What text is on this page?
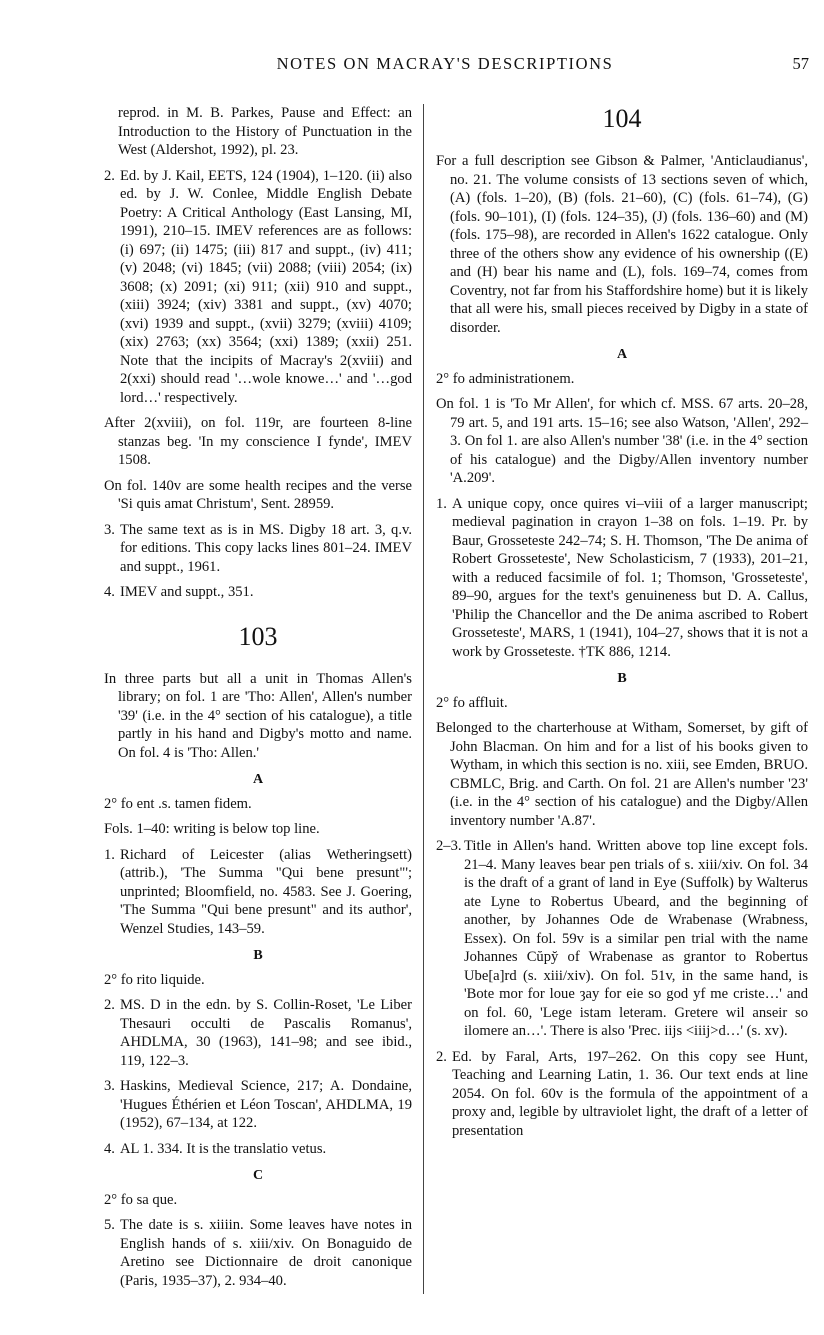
NOTES ON MACRAY'S DESCRIPTIONS	57

reprod. in M. B. Parkes, Pause and Effect: an Introduction to the History of Punctuation in the West (Aldershot, 1992), pl. 23.

2. Ed. by J. Kail, EETS, 124 (1904), 1–120. (ii) also ed. by J. W. Conlee, Middle English Debate Poetry: A Critical Anthology (East Lansing, MI, 1991), 210–15. IMEV references are as follows: (i) 697; (ii) 1475; (iii) 817 and suppt., (iv) 411; (v) 2048; (vi) 1845; (vii) 2088; (viii) 2054; (ix) 3608; (x) 2091; (xi) 911; (xii) 910 and suppt., (xiii) 3924; (xiv) 3381 and suppt., (xv) 4070; (xvi) 1939 and suppt., (xvii) 3279; (xviii) 4109; (xix) 2763; (xx) 3564; (xxi) 1389; (xxii) 251. Note that the incipits of Macray's 2(xviii) and 2(xxi) should read '…wole knowe…' and '…god lord…' respectively.

After 2(xviii), on fol. 119r, are fourteen 8-line stanzas beg. 'In my conscience I fynde', IMEV 1508.

On fol. 140v are some health recipes and the verse 'Si quis amat Christum', Sent. 28959.

3. The same text as is in MS. Digby 18 art. 3, q.v. for editions. This copy lacks lines 801–24. IMEV and suppt., 1961.
4. IMEV and suppt., 351.
103

In three parts but all a unit in Thomas Allen's library; on fol. 1 are 'Tho: Allen', Allen's number '39' (i.e. in the 4° section of his catalogue), a title partly in his hand and Digby's motto and name. On fol. 4 is 'Tho: Allen.'

A

2° fo ent .s. tamen fidem.

Fols. 1–40: writing is below top line.

1. Richard of Leicester (alias Wetheringsett) (attrib.), 'The Summa "Qui bene presunt"'; unprinted; Bloomfield, no. 4583. See J. Goering, 'The Summa "Qui bene presunt" and its author', Wenzel Studies, 143–59.
B

2° fo rito liquide.

2. MS. D in the edn. by S. Collin-Roset, 'Le Liber Thesauri occulti de Pascalis Romanus', AHDLMA, 30 (1963), 141–98; and see ibid., 119, 122–3.
3. Haskins, Medieval Science, 217; A. Dondaine, 'Hugues Éthérien et Léon Toscan', AHDLMA, 19 (1952), 67–134, at 122.
4. AL 1. 334. It is the translatio vetus.
C

2° fo sa que.

5. The date is s. xiiiin. Some leaves have notes in English hands of s. xiii/xiv. On Bonaguido de Aretino see Dictionnaire de droit canonique (Paris, 1935–37), 2. 934–40.
104

For a full description see Gibson & Palmer, 'Anticlaudianus', no. 21. The volume consists of 13 sections seven of which, (A) (fols. 1–20), (B) (fols. 21–60), (C) (fols. 61–74), (G) (fols. 90–101), (I) (fols. 124–35), (J) (fols. 136–60) and (M) (fols. 175–98), are recorded in Allen's 1622 catalogue. Only three of the others show any evidence of his ownership ((E) and (H) bear his name and (L), fols. 169–74, comes from Coventry, not far from his Staffordshire home) but it is likely that all were his, small pieces received by Digby in a state of disorder.

A

2° fo administrationem.

On fol. 1 is 'To Mr Allen', for which cf. MSS. 67 arts. 20–28, 79 art. 5, and 191 arts. 15–16; see also Watson, 'Allen', 292–3. On fol 1. are also Allen's number '38' (i.e. in the 4° section of his catalogue) and the Digby/Allen inventory number 'A.209'.

1. A unique copy, once quires vi–viii of a larger manuscript; medieval pagination in crayon 1–38 on fols. 1–19. Pr. by Baur, Grosseteste 242–74; S. H. Thomson, 'The De anima of Robert Grosseteste', New Scholasticism, 7 (1933), 201–21, with a reduced facsimile of fol. 1; Thomson, 'Grosseteste', 89–90, argues for the text's genuineness but D. A. Callus, 'Philip the Chancellor and the De anima ascribed to Robert Grosseteste', MARS, 1 (1941), 104–27, shows that it is not a work by Grosseteste. †TK 886, 1214.
B

2° fo affluit.

Belonged to the charterhouse at Witham, Somerset, by gift of John Blacman. On him and for a list of his books given to Wytham, in which this section is no. xiii, see Emden, BRUO. CBMLC, Brig. and Carth. On fol. 21 are Allen's number '23' (i.e. in the 4° section of his catalogue) and the Digby/Allen inventory number 'A.87'.

2–3. Title in Allen's hand. Written above top line except fols. 21–4. Many leaves bear pen trials of s. xiii/xiv. On fol. 34 is the draft of a grant of land in Eye (Suffolk) by Walterus ate Lyne to Robertus Ubeard, and the beginning of another, by Johannes Ode de Wrabenase (Wrabness, Essex). On fol. 59v is a similar pen trial with the name Johannes Cŭpy̆ of Wrabenase as grantor to Robertus Ube[a]rd (s. xiii/xiv). On fol. 51v, in the same hand, is 'Bote mor for loue ȝay for eie so god yf me criste…' and on fol. 60, 'Lege istam leteram. Gretere wil anseir so ilomere an…'. There is also 'Prec. iijs <iiij>d…' (s. xv).
2. Ed. by Faral, Arts, 197–262. On this copy see Hunt, Teaching and Learning Latin, 1. 36. Our text ends at line 2054. On fol. 60v is the formula of the appointment of a proxy and, legible by ultraviolet light, the draft of a letter of presentation
